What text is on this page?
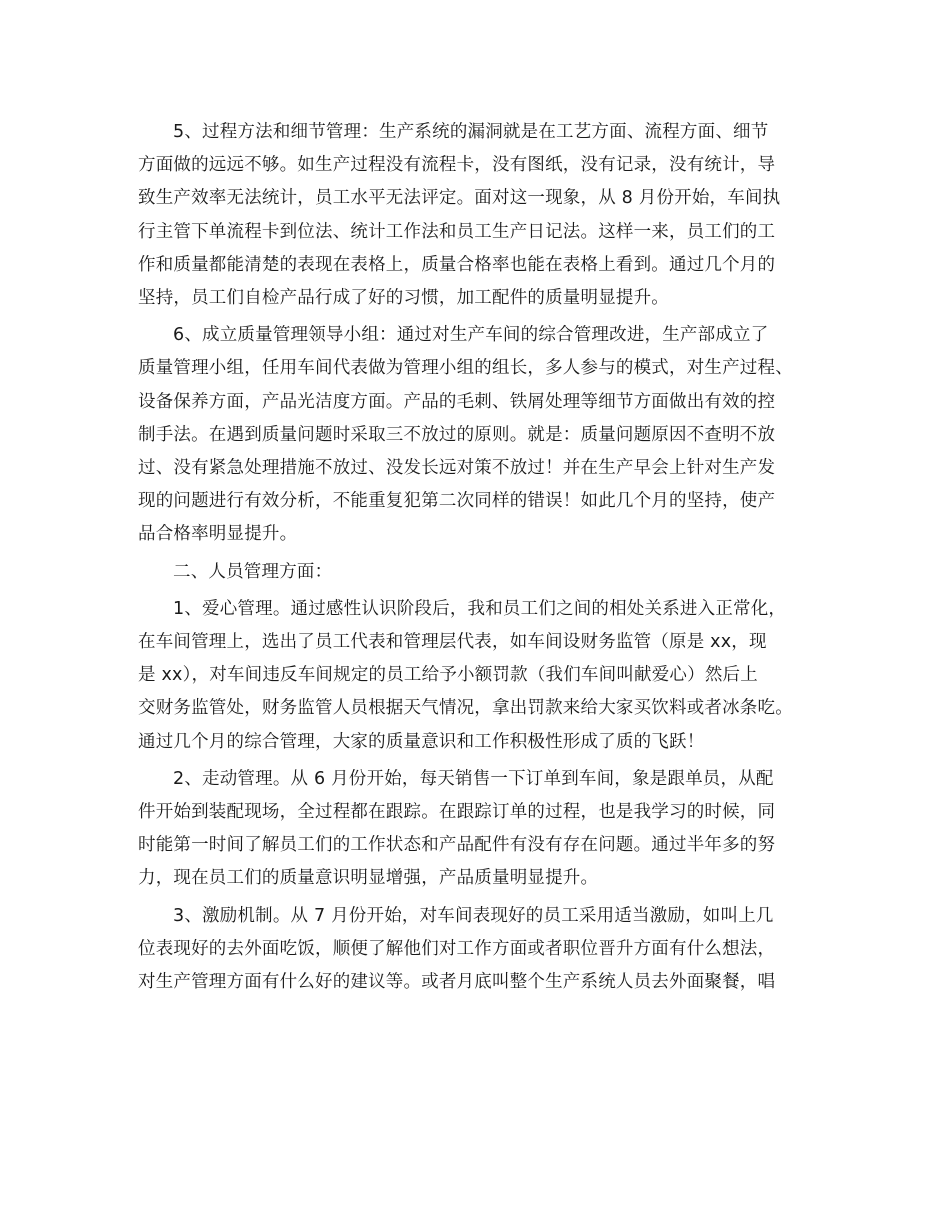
5、过程方法和细节管理：生产系统的漏洞就是在工艺方面、流程方面、细节
方面做的远远不够。如生产过程没有流程卡，没有图纸，没有记录，没有统计，导
致生产效率无法统计，员工水平无法评定。面对这一现象，从 8 月份开始，车间执
行主管下单流程卡到位法、统计工作法和员工生产日记法。这样一来，员工们的工
作和质量都能清楚的表现在表格上，质量合格率也能在表格上看到。通过几个月的
坚持，员工们自检产品行成了好的习惯，加工配件的质量明显提升。

6、成立质量管理领导小组：通过对生产车间的综合管理改进，生产部成立了
质量管理小组，任用车间代表做为管理小组的组长，多人参与的模式，对生产过程、
设备保养方面，产品光洁度方面。产品的毛刺、铁屑处理等细节方面做出有效的控
制手法。在遇到质量问题时采取三不放过的原则。就是：质量问题原因不查明不放
过、没有紧急处理措施不放过、没发长远对策不放过！并在生产早会上针对生产发
现的问题进行有效分析，不能重复犯第二次同样的错误！如此几个月的坚持，使产
品合格率明显提升。

二、人员管理方面：

1、爱心管理。通过感性认识阶段后，我和员工们之间的相处关系进入正常化，
在车间管理上，选出了员工代表和管理层代表，如车间设财务监管（原是 xx，现
是 xx），对车间违反车间规定的员工给予小额罚款（我们车间叫献爱心）然后上
交财务监管处，财务监管人员根据天气情况，拿出罚款来给大家买饮料或者冰条吃。
通过几个月的综合管理，大家的质量意识和工作积极性形成了质的飞跃！

2、走动管理。从 6 月份开始，每天销售一下订单到车间，象是跟单员，从配
件开始到装配现场，全过程都在跟踪。在跟踪订单的过程，也是我学习的时候，同
时能第一时间了解员工们的工作状态和产品配件有没有存在问题。通过半年多的努
力，现在员工们的质量意识明显增强，产品质量明显提升。

3、激励机制。从 7 月份开始，对车间表现好的员工采用适当激励，如叫上几
位表现好的去外面吃饭，顺便了解他们对工作方面或者职位晋升方面有什么想法，
对生产管理方面有什么好的建议等。或者月底叫整个生产系统人员去外面聚餐，唱
